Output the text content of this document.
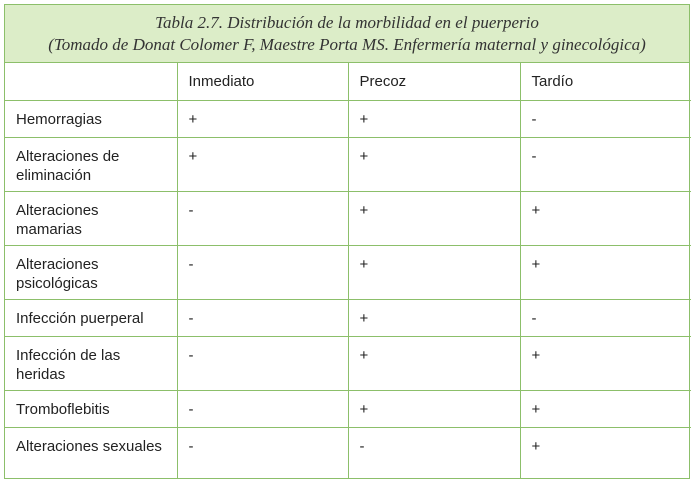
Tabla 2.7. Distribución de la morbilidad en el puerperio
(Tomado de Donat Colomer F, Maestre Porta MS. Enfermería maternal y ginecológica)
	Inmediato	Precoz	Tardío
Hemorragias	+	+	-
Alteraciones de eliminación	+	+	-
Alteraciones mamarias	-	+	+
Alteraciones psicológicas	-	+	+
Infección puerperal	-	+	-
Infección de las heridas	-	+	+
Tromboflebitis	-	+	+
Alteraciones sexuales	-	-	+
